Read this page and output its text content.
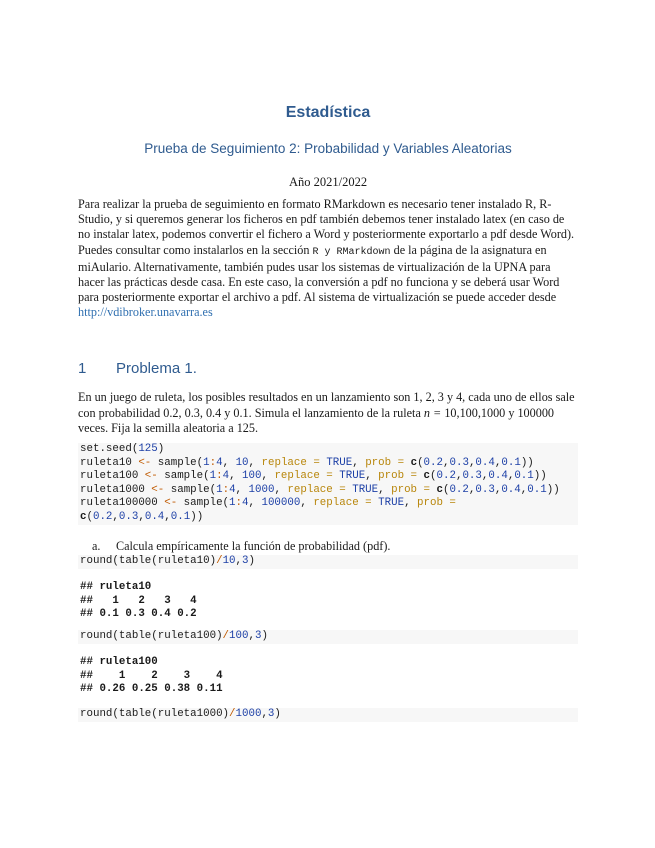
Estadística
Prueba de Seguimiento 2: Probabilidad y Variables Aleatorias
Año 2021/2022
Para realizar la prueba de seguimiento en formato RMarkdown es necesario tener instalado R, R-Studio, y si queremos generar los ficheros en pdf también debemos tener instalado latex (en caso de no instalar latex, podemos convertir el fichero a Word y posteriormente exportarlo a pdf desde Word). Puedes consultar como instalarlos en la sección R y RMarkdown de la página de la asignatura en miAulario. Alternativamente, también pudes usar los sistemas de virtualización de la UPNA para hacer las prácticas desde casa. En este caso, la conversión a pdf no funciona y se deberá usar Word para posteriormente exportar el archivo a pdf. Al sistema de virtualización se puede acceder desde http://vdibroker.unavarra.es
1 Problema 1.
En un juego de ruleta, los posibles resultados en un lanzamiento son 1, 2, 3 y 4, cada uno de ellos sale con probabilidad 0.2, 0.3, 0.4 y 0.1. Simula el lanzamiento de la ruleta n = 10,100,1000 y 100000 veces. Fija la semilla aleatoria a 125.
set.seed(125)
ruleta10 <- sample(1:4, 10, replace = TRUE, prob = c(0.2,0.3,0.4,0.1))
ruleta100 <- sample(1:4, 100, replace = TRUE, prob = c(0.2,0.3,0.4,0.1))
ruleta1000 <- sample(1:4, 1000, replace = TRUE, prob = c(0.2,0.3,0.4,0.1))
ruleta100000 <- sample(1:4, 100000, replace = TRUE, prob =
c(0.2,0.3,0.4,0.1))
a. Calcula empíricamente la función de probabilidad (pdf).
round(table(ruleta10)/10,3)
## ruleta10
##   1   2   3   4
## 0.1 0.3 0.4 0.2
round(table(ruleta100)/100,3)
## ruleta100
##    1    2    3    4
## 0.26 0.25 0.38 0.11
round(table(ruleta1000)/1000,3)
